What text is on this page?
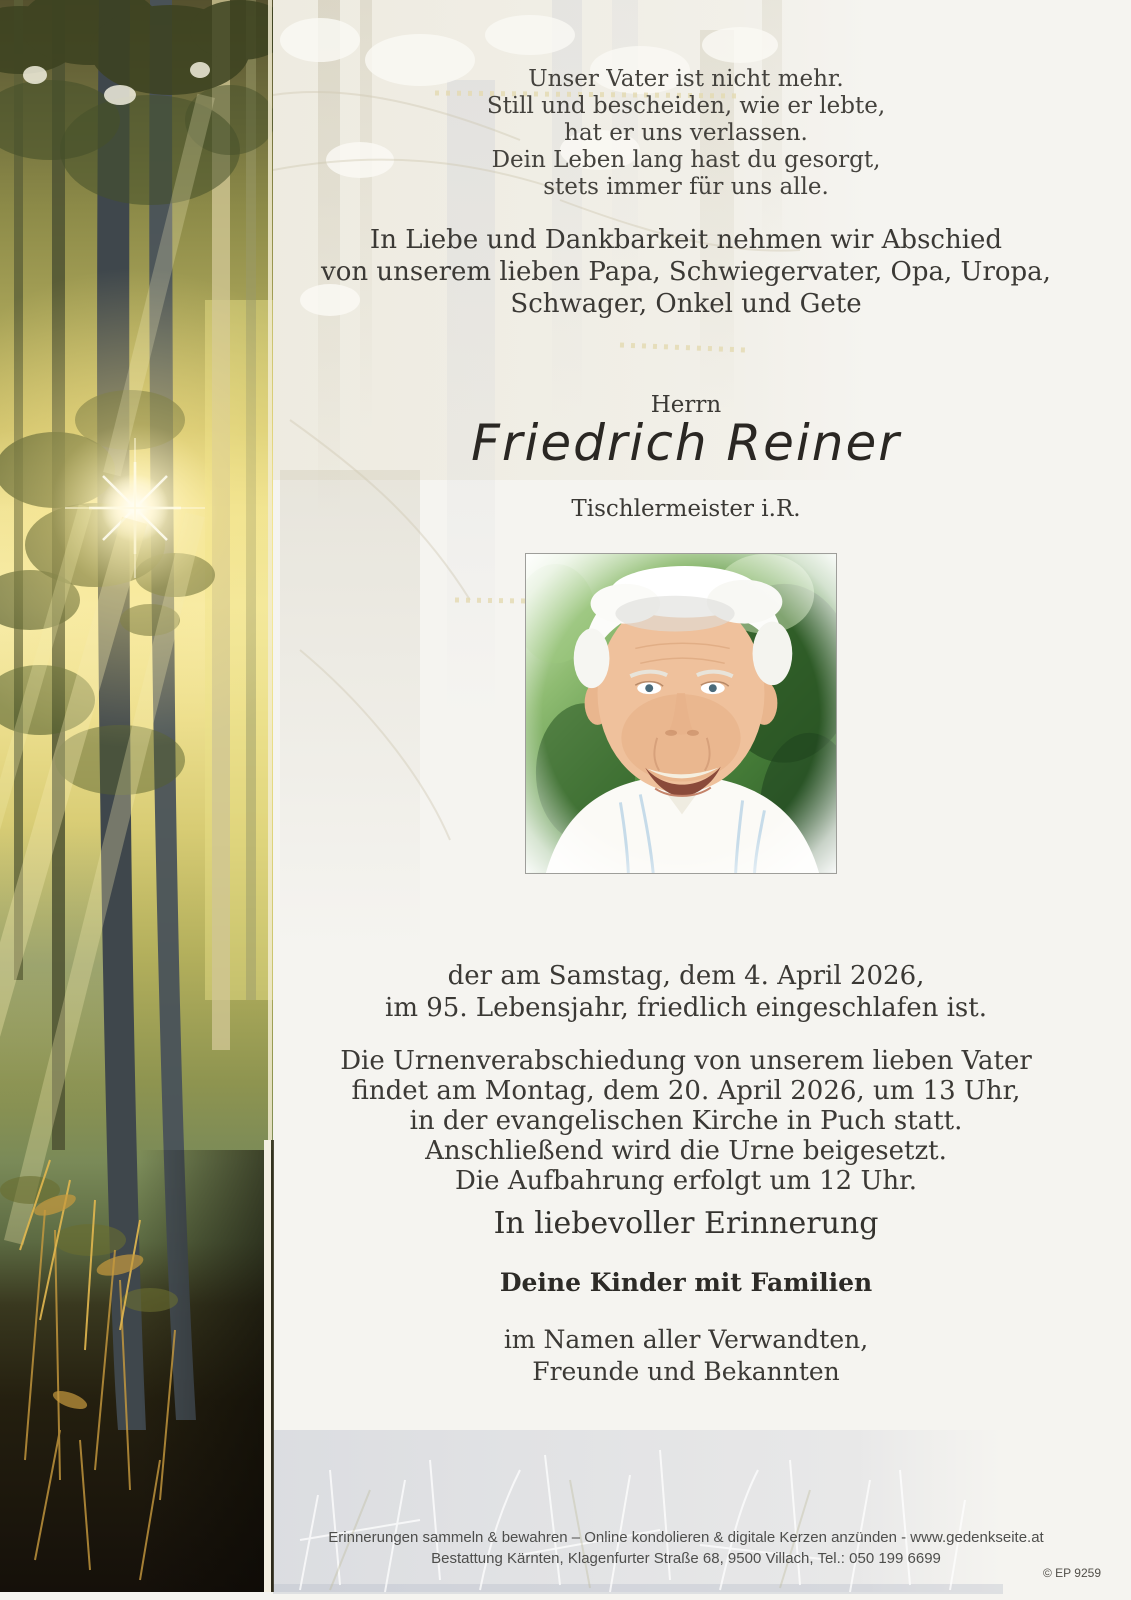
Unser Vater ist nicht mehr.
Still und bescheiden, wie er lebte,
hat er uns verlassen.
Dein Leben lang hast du gesorgt,
stets immer für uns alle.
In Liebe und Dankbarkeit nehmen wir Abschied
von unserem lieben Papa, Schwiegervater, Opa, Uropa,
Schwager, Onkel und Gete
Herrn
Friedrich Reiner
Tischlermeister i.R.
der am Samstag, dem 4. April 2026,
im 95. Lebensjahr, friedlich eingeschlafen ist.
Die Urnenverabschiedung von unserem lieben Vater
findet am Montag, dem 20. April 2026, um 13 Uhr,
in der evangelischen Kirche in Puch statt.
Anschließend wird die Urne beigesetzt.
Die Aufbahrung erfolgt um 12 Uhr.
In liebevoller Erinnerung
Deine Kinder mit Familien
im Namen aller Verwandten,
Freunde und Bekannten
Erinnerungen sammeln & bewahren – Online kondolieren & digitale Kerzen anzünden - www.gedenkseite.at
Bestattung Kärnten, Klagenfurter Straße 68, 9500 Villach, Tel.: 050 199 6699
© EP 9259
